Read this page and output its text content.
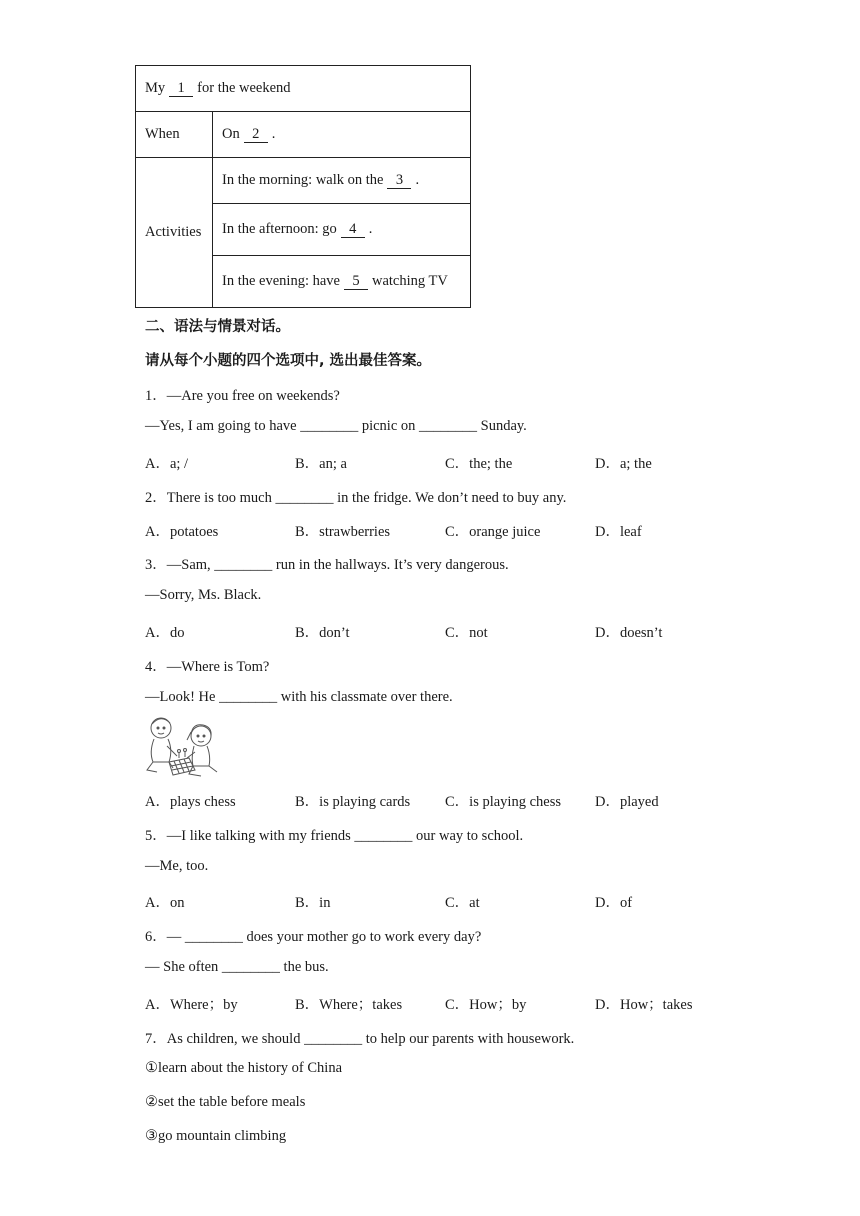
My 1 for the weekend	
When	On 2 .
Activities	In the morning: walk on the 3 .
	In the afternoon: go 4 .
	In the evening: have 5 watching TV
二、语法与情景对话。
请从每个小题的四个选项中, 选出最佳答案。
1．—Are you free on weekends?
—Yes, I am going to have ________ picnic on ________ Sunday.
A．a; /	B．an; a	C．the; the	D．a; the
2．There is too much ________ in the fridge. We don’t need to buy any.
A．potatoes	B．strawberries	C．orange juice	D．leaf
3．—Sam, ________ run in the hallways. It’s very dangerous.
—Sorry, Ms. Black.
A．do	B．don’t	C．not	D．doesn’t
4．—Where is Tom?
—Look! He ________ with his classmate over there.
A．plays chess	B．is playing cards C．is playing chess D．played
5．—I like talking with my friends ________ our way to school.
—Me, too.
A．on	B．in	C．at	D．of
6．— ________ does your mother go to work every day?
— She often ________ the bus.
A．Where；by	B．Where；takes	C．How；by	D．How；takes
7．As children, we should ________ to help our parents with housework.
①learn about the history of China
②set the table before meals
③go mountain climbing
